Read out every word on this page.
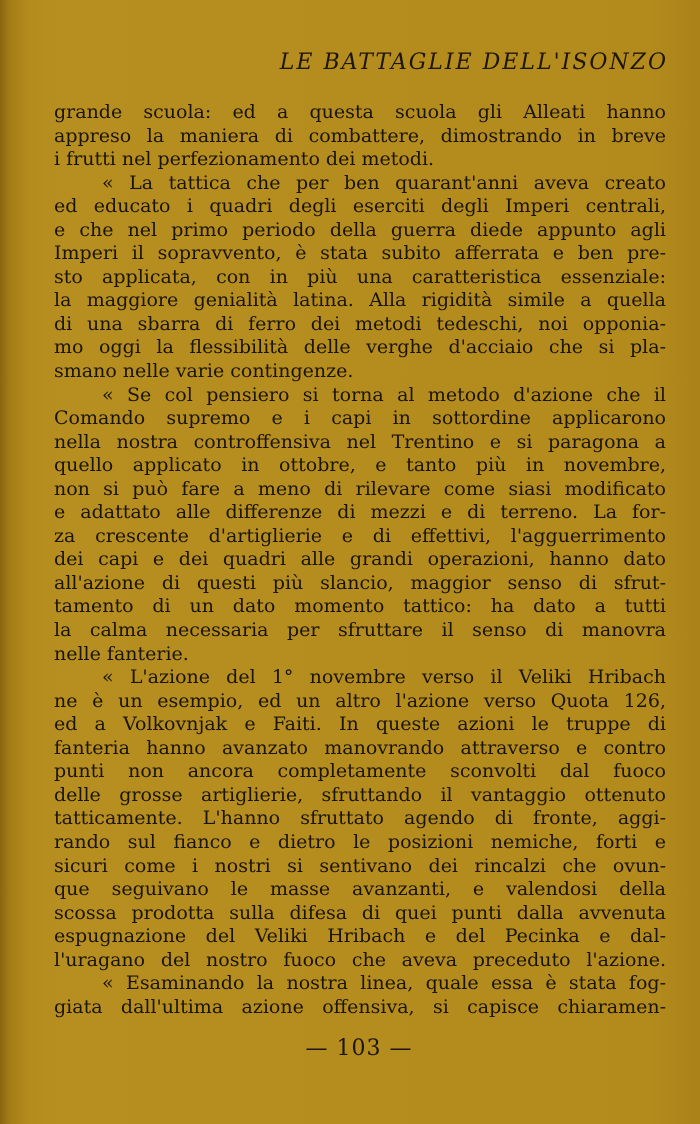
LE BATTAGLIE DELL'ISONZO
grande scuola: ed a questa scuola gli Alleati hanno
appreso la maniera di combattere, dimostrando in breve
i frutti nel perfezionamento dei metodi.
« La tattica che per ben quarant'anni aveva creato
ed educato i quadri degli eserciti degli Imperi centrali,
e che nel primo periodo della guerra diede appunto agli
Imperi il sopravvento, è stata subito afferrata e ben pre-
sto applicata, con in più una caratteristica essenziale:
la maggiore genialità latina. Alla rigidità simile a quella
di una sbarra di ferro dei metodi tedeschi, noi opponia-
mo oggi la flessibilità delle verghe d'acciaio che si pla-
smano nelle varie contingenze.
« Se col pensiero si torna al metodo d'azione che il
Comando supremo e i capi in sottordine applicarono
nella nostra controffensiva nel Trentino e si paragona a
quello applicato in ottobre, e tanto più in novembre,
non si può fare a meno di rilevare come siasi modificato
e adattato alle differenze di mezzi e di terreno. La for-
za crescente d'artiglierie e di effettivi, l'agguerrimento
dei capi e dei quadri alle grandi operazioni, hanno dato
all'azione di questi più slancio, maggior senso di sfrut-
tamento di un dato momento tattico: ha dato a tutti
la calma necessaria per sfruttare il senso di manovra
nelle fanterie.
« L'azione del 1° novembre verso il Veliki Hribach
ne è un esempio, ed un altro l'azione verso Quota 126,
ed a Volkovnjak e Faiti. In queste azioni le truppe di
fanteria hanno avanzato manovrando attraverso e contro
punti non ancora completamente sconvolti dal fuoco
delle grosse artiglierie, sfruttando il vantaggio ottenuto
tatticamente. L'hanno sfruttato agendo di fronte, aggi-
rando sul fianco e dietro le posizioni nemiche, forti e
sicuri come i nostri si sentivano dei rincalzi che ovun-
que seguivano le masse avanzanti, e valendosi della
scossa prodotta sulla difesa di quei punti dalla avvenuta
espugnazione del Veliki Hribach e del Pecinka e dal-
l'uragano del nostro fuoco che aveva preceduto l'azione.
« Esaminando la nostra linea, quale essa è stata fog-
giata dall'ultima azione offensiva, si capisce chiaramen-
— 103 —
